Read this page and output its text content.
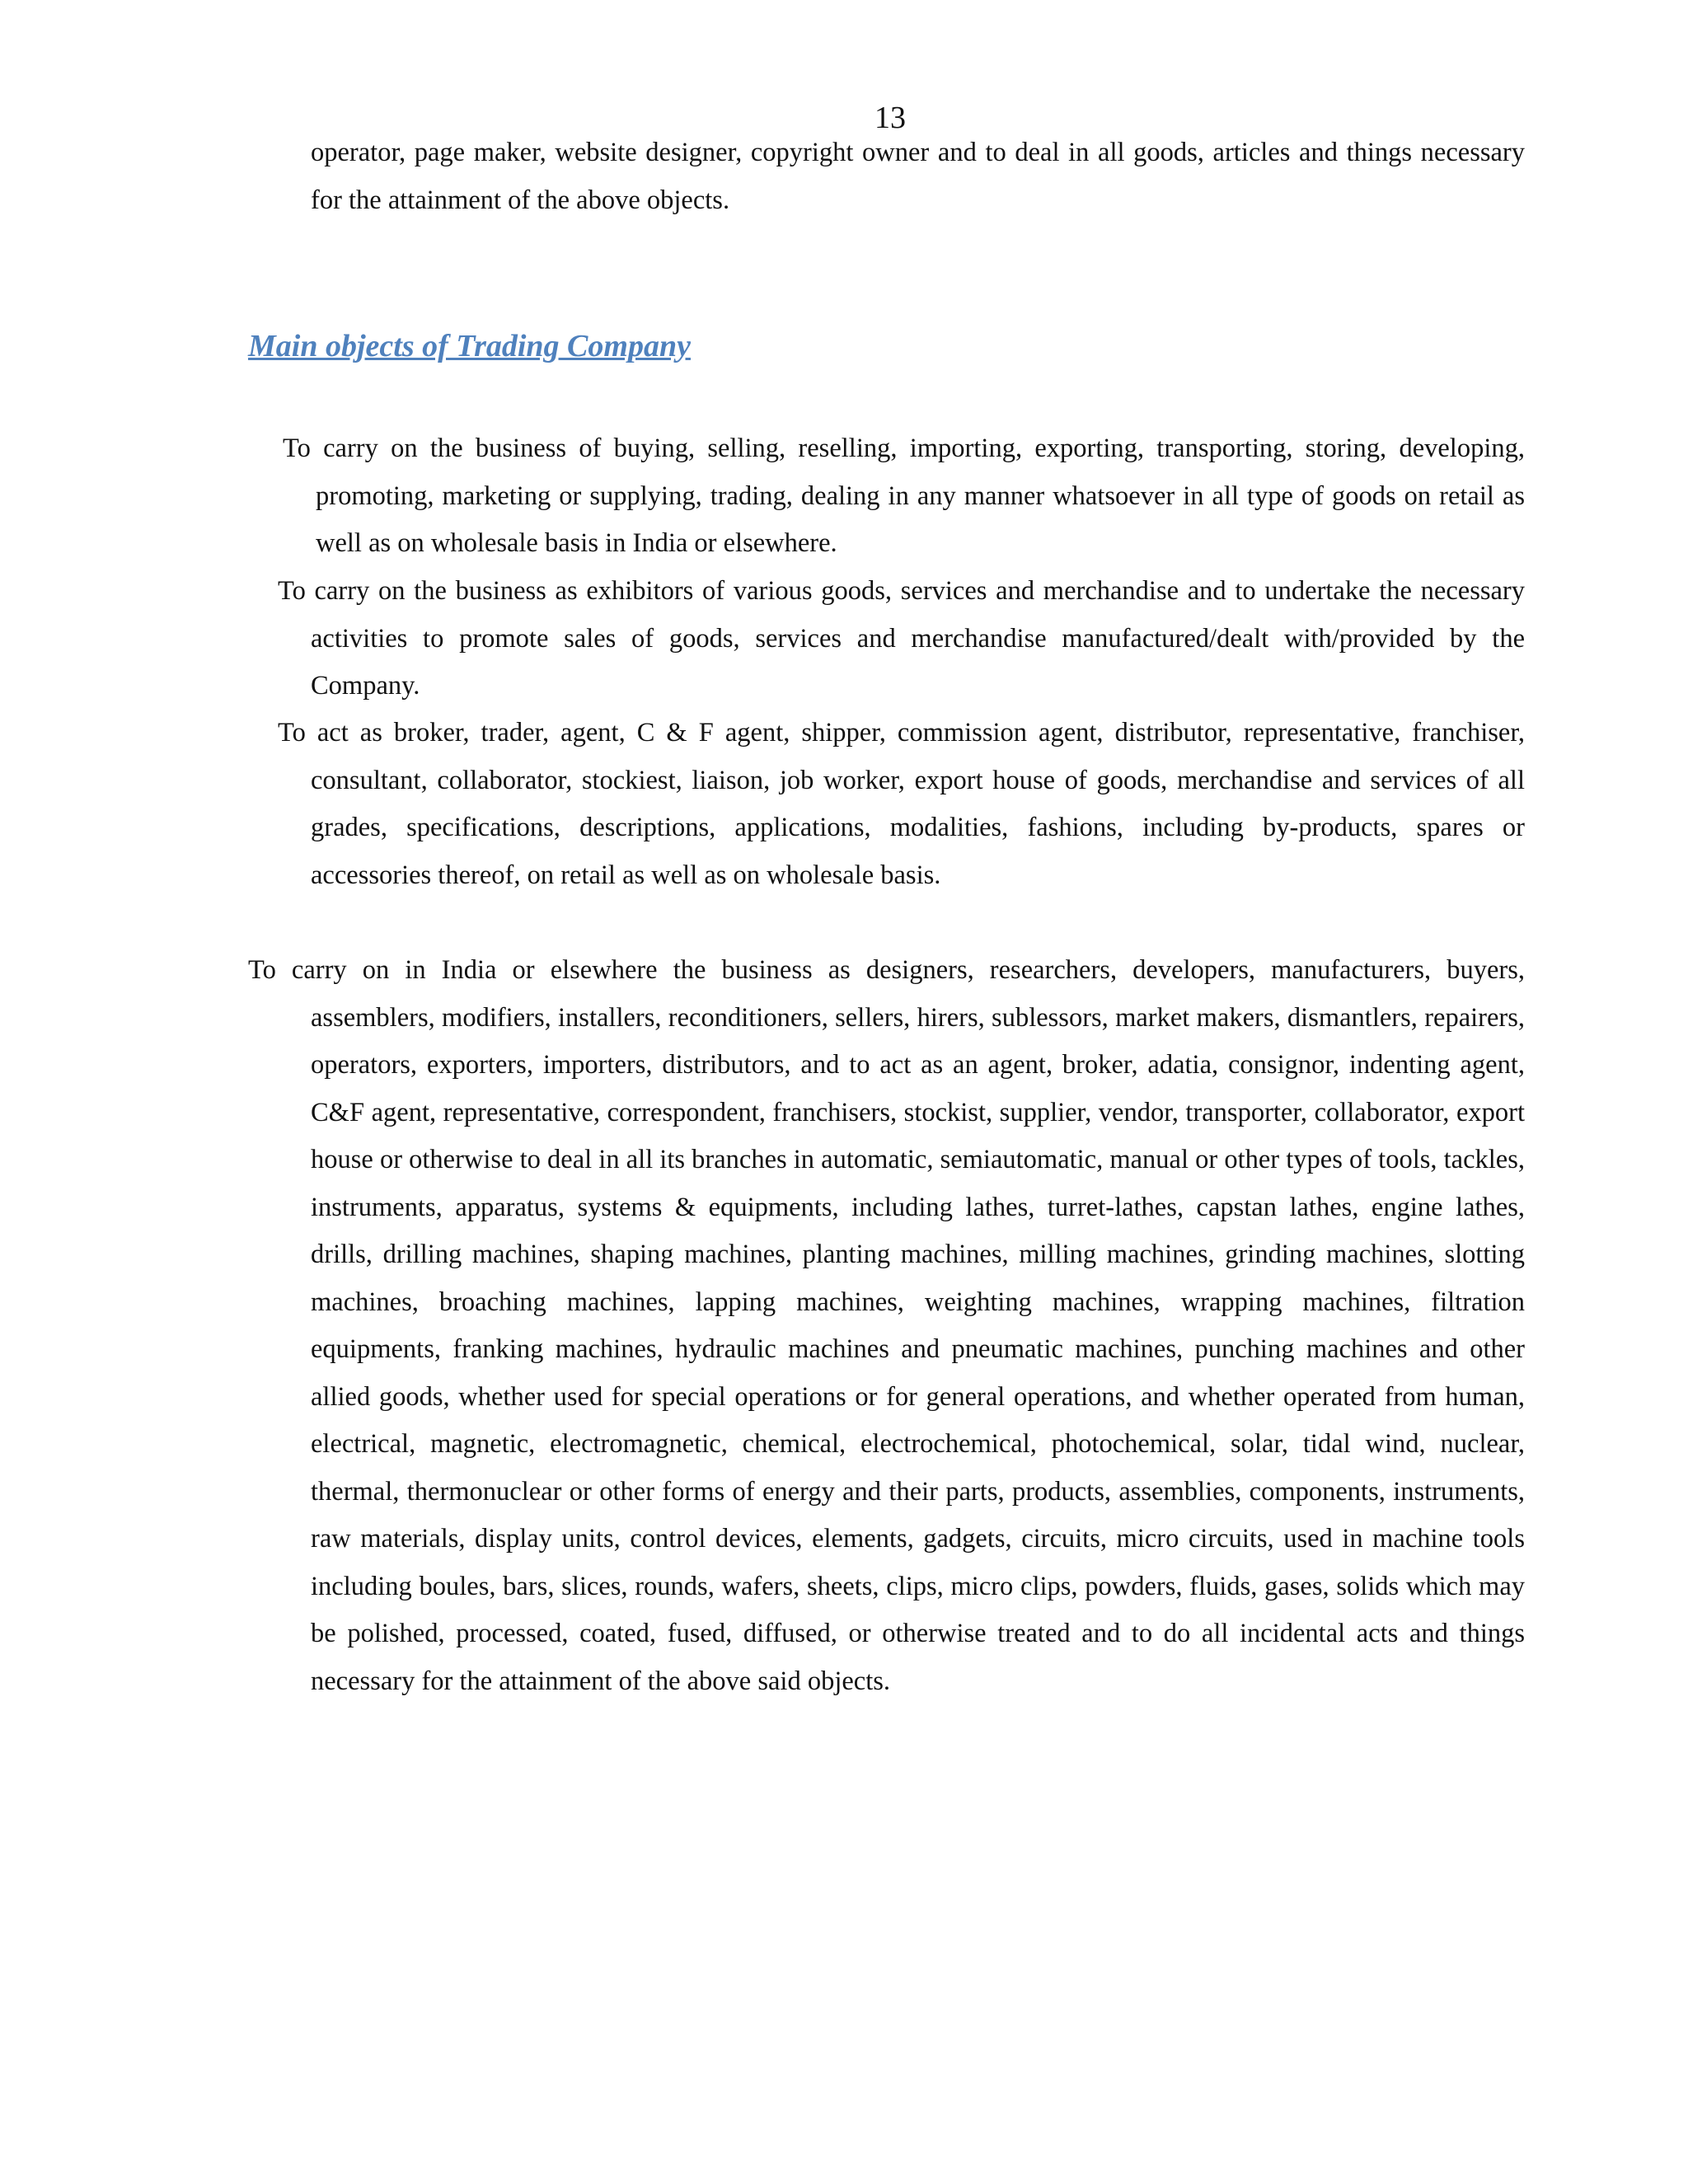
13
operator, page maker, website designer, copyright owner and to deal in all goods, articles and things necessary for the attainment of the above objects.
Main objects of Trading Company
To carry on the business of buying, selling, reselling, importing, exporting, transporting, storing, developing, promoting, marketing or supplying, trading, dealing in any manner whatsoever in all type of goods on retail as well as on wholesale basis in India or elsewhere.
To carry on the business as exhibitors of various goods, services and merchandise and to undertake the necessary activities to promote sales of goods, services and merchandise manufactured/dealt with/provided by the Company.
To act as broker, trader, agent, C & F agent, shipper, commission agent, distributor, representative, franchiser, consultant, collaborator, stockiest, liaison, job worker, export house of goods, merchandise and services of all grades, specifications, descriptions, applications, modalities, fashions, including by-products, spares or accessories thereof, on retail as well as on wholesale basis.
To carry on in India or elsewhere the business as designers, researchers, developers, manufacturers, buyers, assemblers, modifiers, installers, reconditioners, sellers, hirers, sublessors, market makers, dismantlers, repairers, operators, exporters, importers, distributors, and to act as an agent, broker, adatia, consignor, indenting agent, C&F agent, representative, correspondent, franchisers, stockist, supplier, vendor, transporter, collaborator, export house or otherwise to deal in all its branches in automatic, semiautomatic, manual or other types of tools, tackles, instruments, apparatus, systems & equipments, including lathes, turret-lathes, capstan lathes, engine lathes, drills, drilling machines, shaping machines, planting machines, milling machines, grinding machines, slotting machines, broaching machines, lapping machines, weighting machines, wrapping machines, filtration equipments, franking machines, hydraulic machines and pneumatic machines, punching machines and other allied goods, whether used for special operations or for general operations, and whether operated from human, electrical, magnetic, electromagnetic, chemical, electrochemical, photochemical, solar, tidal wind, nuclear, thermal, thermonuclear or other forms of energy and their parts, products, assemblies, components, instruments, raw materials, display units, control devices, elements, gadgets, circuits, micro circuits, used in machine tools including boules, bars, slices, rounds, wafers, sheets, clips, micro clips, powders, fluids, gases, solids which may be polished, processed, coated, fused, diffused, or otherwise treated and to do all incidental acts and things necessary for the attainment of the above said objects.
